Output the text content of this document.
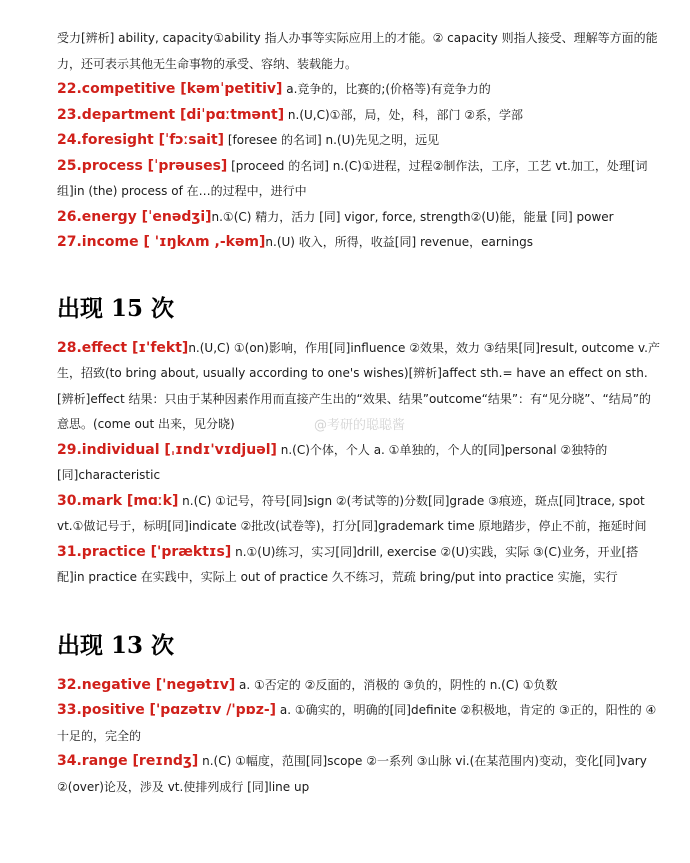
受力[辨析] ability, capacity①ability 指人办事等实际应用上的才能。② capacity 则指人接受、理解等方面的能力，还可表示其他无生命事物的承受、容纳、装载能力。

22.competitive [kəmˈpetitiv] a.竞争的，比赛的;(价格等)有竞争力的

23.department [diˈpɑːtmənt] n.(U,C)①部，局，处，科，部门 ②系，学部

24.foresight [ˈfɔːsait] [foresee 的名词] n.(U)先见之明，远见

25.process [ˈprəuses] [proceed 的名词] n.(C)①进程，过程②制作法，工序，工艺 vt.加工，处理[词组]in (the) process of 在…的过程中，进行中

26.energy [ˈenədʒi]n.①(C) 精力，活力 [同] vigor, force, strength②(U)能，能量 [同] power

27.income [ 'ɪŋkʌm ,-kəm]n.(U) 收入，所得，收益[同] revenue，earnings

出现 15 次

28.effect [ɪ'fekt]n.(U,C) ①(on)影响，作用[同]influence ②效果，效力 ③结果[同]result, outcome v.产生，招致(to bring about, usually according to one's wishes)[辨析]affect sth.= have an effect on sth.[辨析]effect 结果：只由于某种因素作用而直接产生出的“效果、结果”outcome“结果”：有“见分晓”、“结局”的意思。(come out 出来，见分晓)

29.individual [ˌɪndɪ'vɪdjuəl] n.(C)个体，个人 a. ①单独的，个人的[同]personal ②独特的[同]characteristic

30.mark [mɑːk] n.(C) ①记号，符号[同]sign ②(考试等的)分数[同]grade ③痕迹，斑点[同]trace, spot vt.①做记号于，标明[同]indicate ②批改(试卷等)，打分[同]grademark time 原地踏步，停止不前，拖延时间

31.practice ['præktɪs] n.①(U)练习，实习[同]drill, exercise ②(U)实践，实际 ③(C)业务，开业[搭配]in practice 在实践中，实际上 out of practice 久不练习，荒疏 bring/put into practice 实施，实行

出现 13 次

32.negative ['negətɪv] a. ①否定的 ②反面的，消极的 ③负的，阴性的 n.(C) ①负数

33.positive ['pɑzətɪv /'pɒz-] a. ①确实的，明确的[同]definite ②积极地，肯定的 ③正的，阳性的 ④十足的，完全的

34.range [reɪndʒ] n.(C) ①幅度，范围[同]scope ②一系列 ③山脉 vi.(在某范围内)变动，变化[同]vary ②(over)论及，涉及 vt.使排列成行 [同]line up

@考研的聪聪酱
